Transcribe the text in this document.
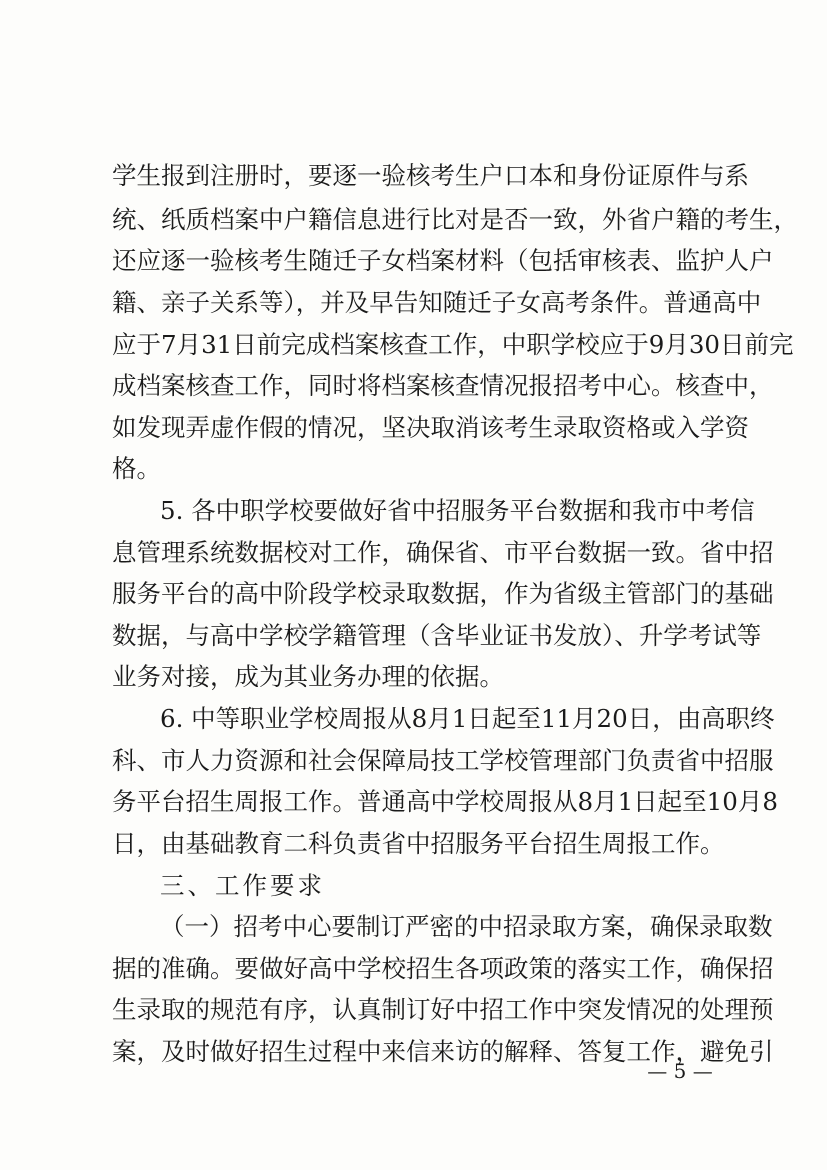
学生报到注册时，要逐一验核考生户口本和身份证原件与系
统、纸质档案中户籍信息进行比对是否一致，外省户籍的考生，
还应逐一验核考生随迁子女档案材料（包括审核表、监护人户
籍、亲子关系等），并及早告知随迁子女高考条件。普通高中
应于7月31日前完成档案核查工作，中职学校应于9月30日前完
成档案核查工作，同时将档案核查情况报招考中心。核查中，
如发现弄虚作假的情况，坚决取消该考生录取资格或入学资
格。
5. 各中职学校要做好省中招服务平台数据和我市中考信
息管理系统数据校对工作，确保省、市平台数据一致。省中招
服务平台的高中阶段学校录取数据，作为省级主管部门的基础
数据，与高中学校学籍管理（含毕业证书发放）、升学考试等
业务对接，成为其业务办理的依据。
6. 中等职业学校周报从8月1日起至11月20日，由高职终
科、市人力资源和社会保障局技工学校管理部门负责省中招服
务平台招生周报工作。普通高中学校周报从8月1日起至10月8
日，由基础教育二科负责省中招服务平台招生周报工作。
三、工作要求
（一）招考中心要制订严密的中招录取方案，确保录取数
据的准确。要做好高中学校招生各项政策的落实工作，确保招
生录取的规范有序，认真制订好中招工作中突发情况的处理预
案，及时做好招生过程中来信来访的解释、答复工作，避免引
— 5 —
